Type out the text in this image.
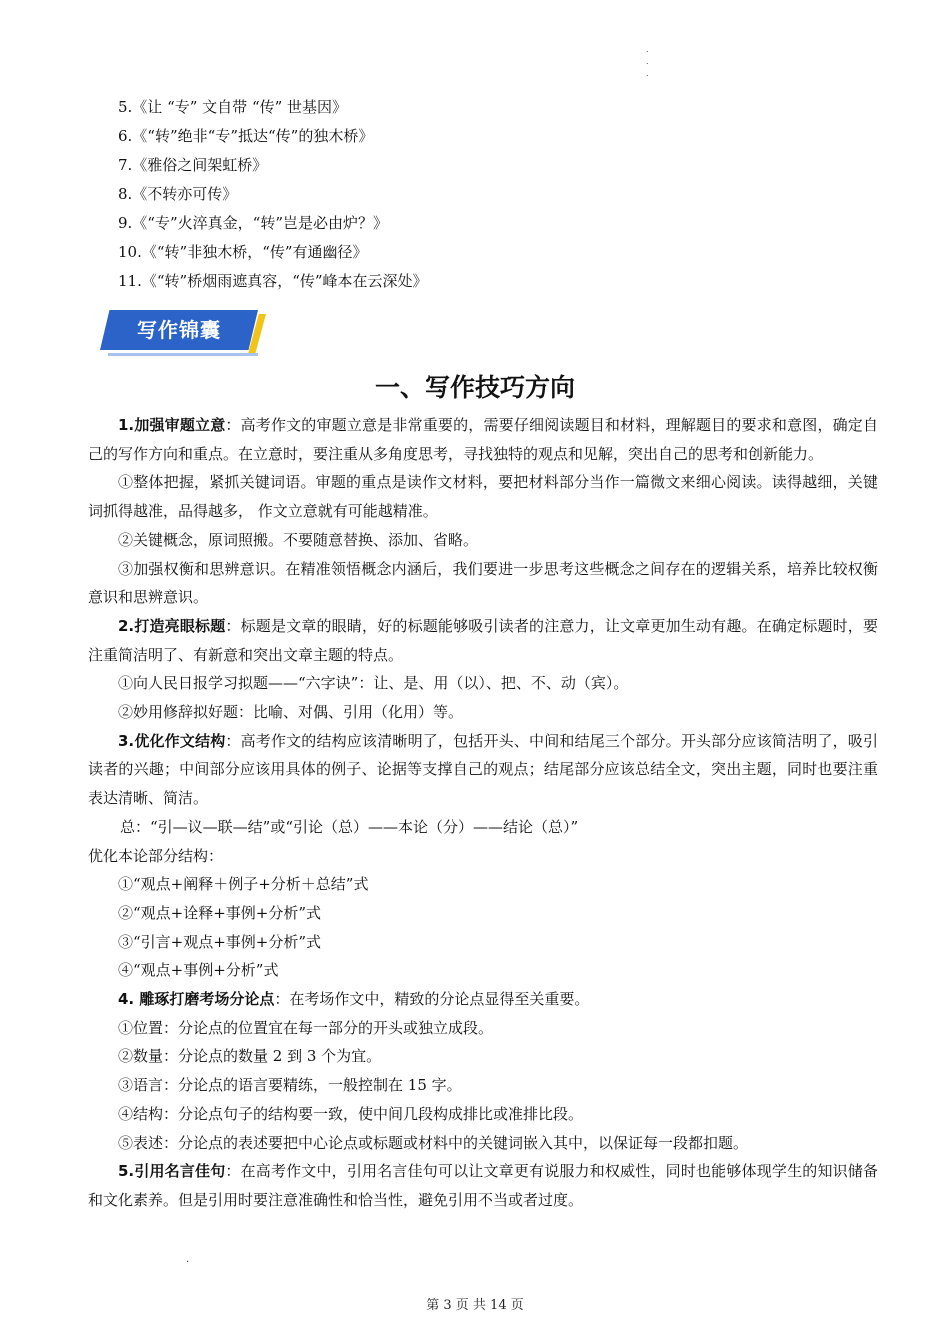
.
.
.
5.《让 “专” 文自带 “传” 世基因》
6.《“转”绝非“专”抵达“传”的独木桥》
7.《雅俗之间架虹桥》
8.《不转亦可传》
9.《“专”火淬真金，“转”岂是必由炉？》
10.《“转”非独木桥，“传”有通幽径》
11.《“转”桥烟雨遮真容，“传”峰本在云深处》
写作锦囊
一、写作技巧方向

1.加强审题立意：高考作文的审题立意是非常重要的，需要仔细阅读题目和材料，理解题目的要求和意图，确定自己的写作方向和重点。在立意时，要注重从多角度思考，寻找独特的观点和见解，突出自己的思考和创新能力。

①整体把握，紧抓关键词语。审题的重点是读作文材料，要把材料部分当作一篇微文来细心阅读。读得越细，关键词抓得越准，品得越多， 作文立意就有可能越精准。

②关键概念，原词照搬。不要随意替换、添加、省略。

③加强权衡和思辨意识。在精准领悟概念内涵后，我们要进一步思考这些概念之间存在的逻辑关系，培养比较权衡意识和思辨意识。

2.打造亮眼标题：标题是文章的眼睛，好的标题能够吸引读者的注意力，让文章更加生动有趣。在确定标题时，要注重简洁明了、有新意和突出文章主题的特点。

①向人民日报学习拟题——“六字诀”：让、是、用（以）、把、不、动（宾）。

②妙用修辞拟好题：比喻、对偶、引用（化用）等。

3.优化作文结构：高考作文的结构应该清晰明了，包括开头、中间和结尾三个部分。开头部分应该简洁明了，吸引读者的兴趣；中间部分应该用具体的例子、论据等支撑自己的观点；结尾部分应该总结全文，突出主题，同时也要注重表达清晰、简洁。

总：“引—议—联—结”或“引论（总）——本论（分）——结论（总）”

优化本论部分结构：

①“观点+阐释＋例子+分析＋总结”式

②“观点+诠释+事例+分析”式

③“引言+观点+事例+分析”式

④“观点+事例+分析”式

4. 雕琢打磨考场分论点：在考场作文中，精致的分论点显得至关重要。

①位置：分论点的位置宜在每一部分的开头或独立成段。

②数量：分论点的数量 2 到 3 个为宜。

③语言：分论点的语言要精练，一般控制在 15 字。

④结构：分论点句子的结构要一致，使中间几段构成排比或准排比段。

⑤表述：分论点的表述要把中心论点或标题或材料中的关键词嵌入其中，以保证每一段都扣题。

5.引用名言佳句：在高考作文中，引用名言佳句可以让文章更有说服力和权威性，同时也能够体现学生的知识储备和文化素养。但是引用时要注意准确性和恰当性，避免引用不当或者过度。

.
第 3 页 共 14 页
